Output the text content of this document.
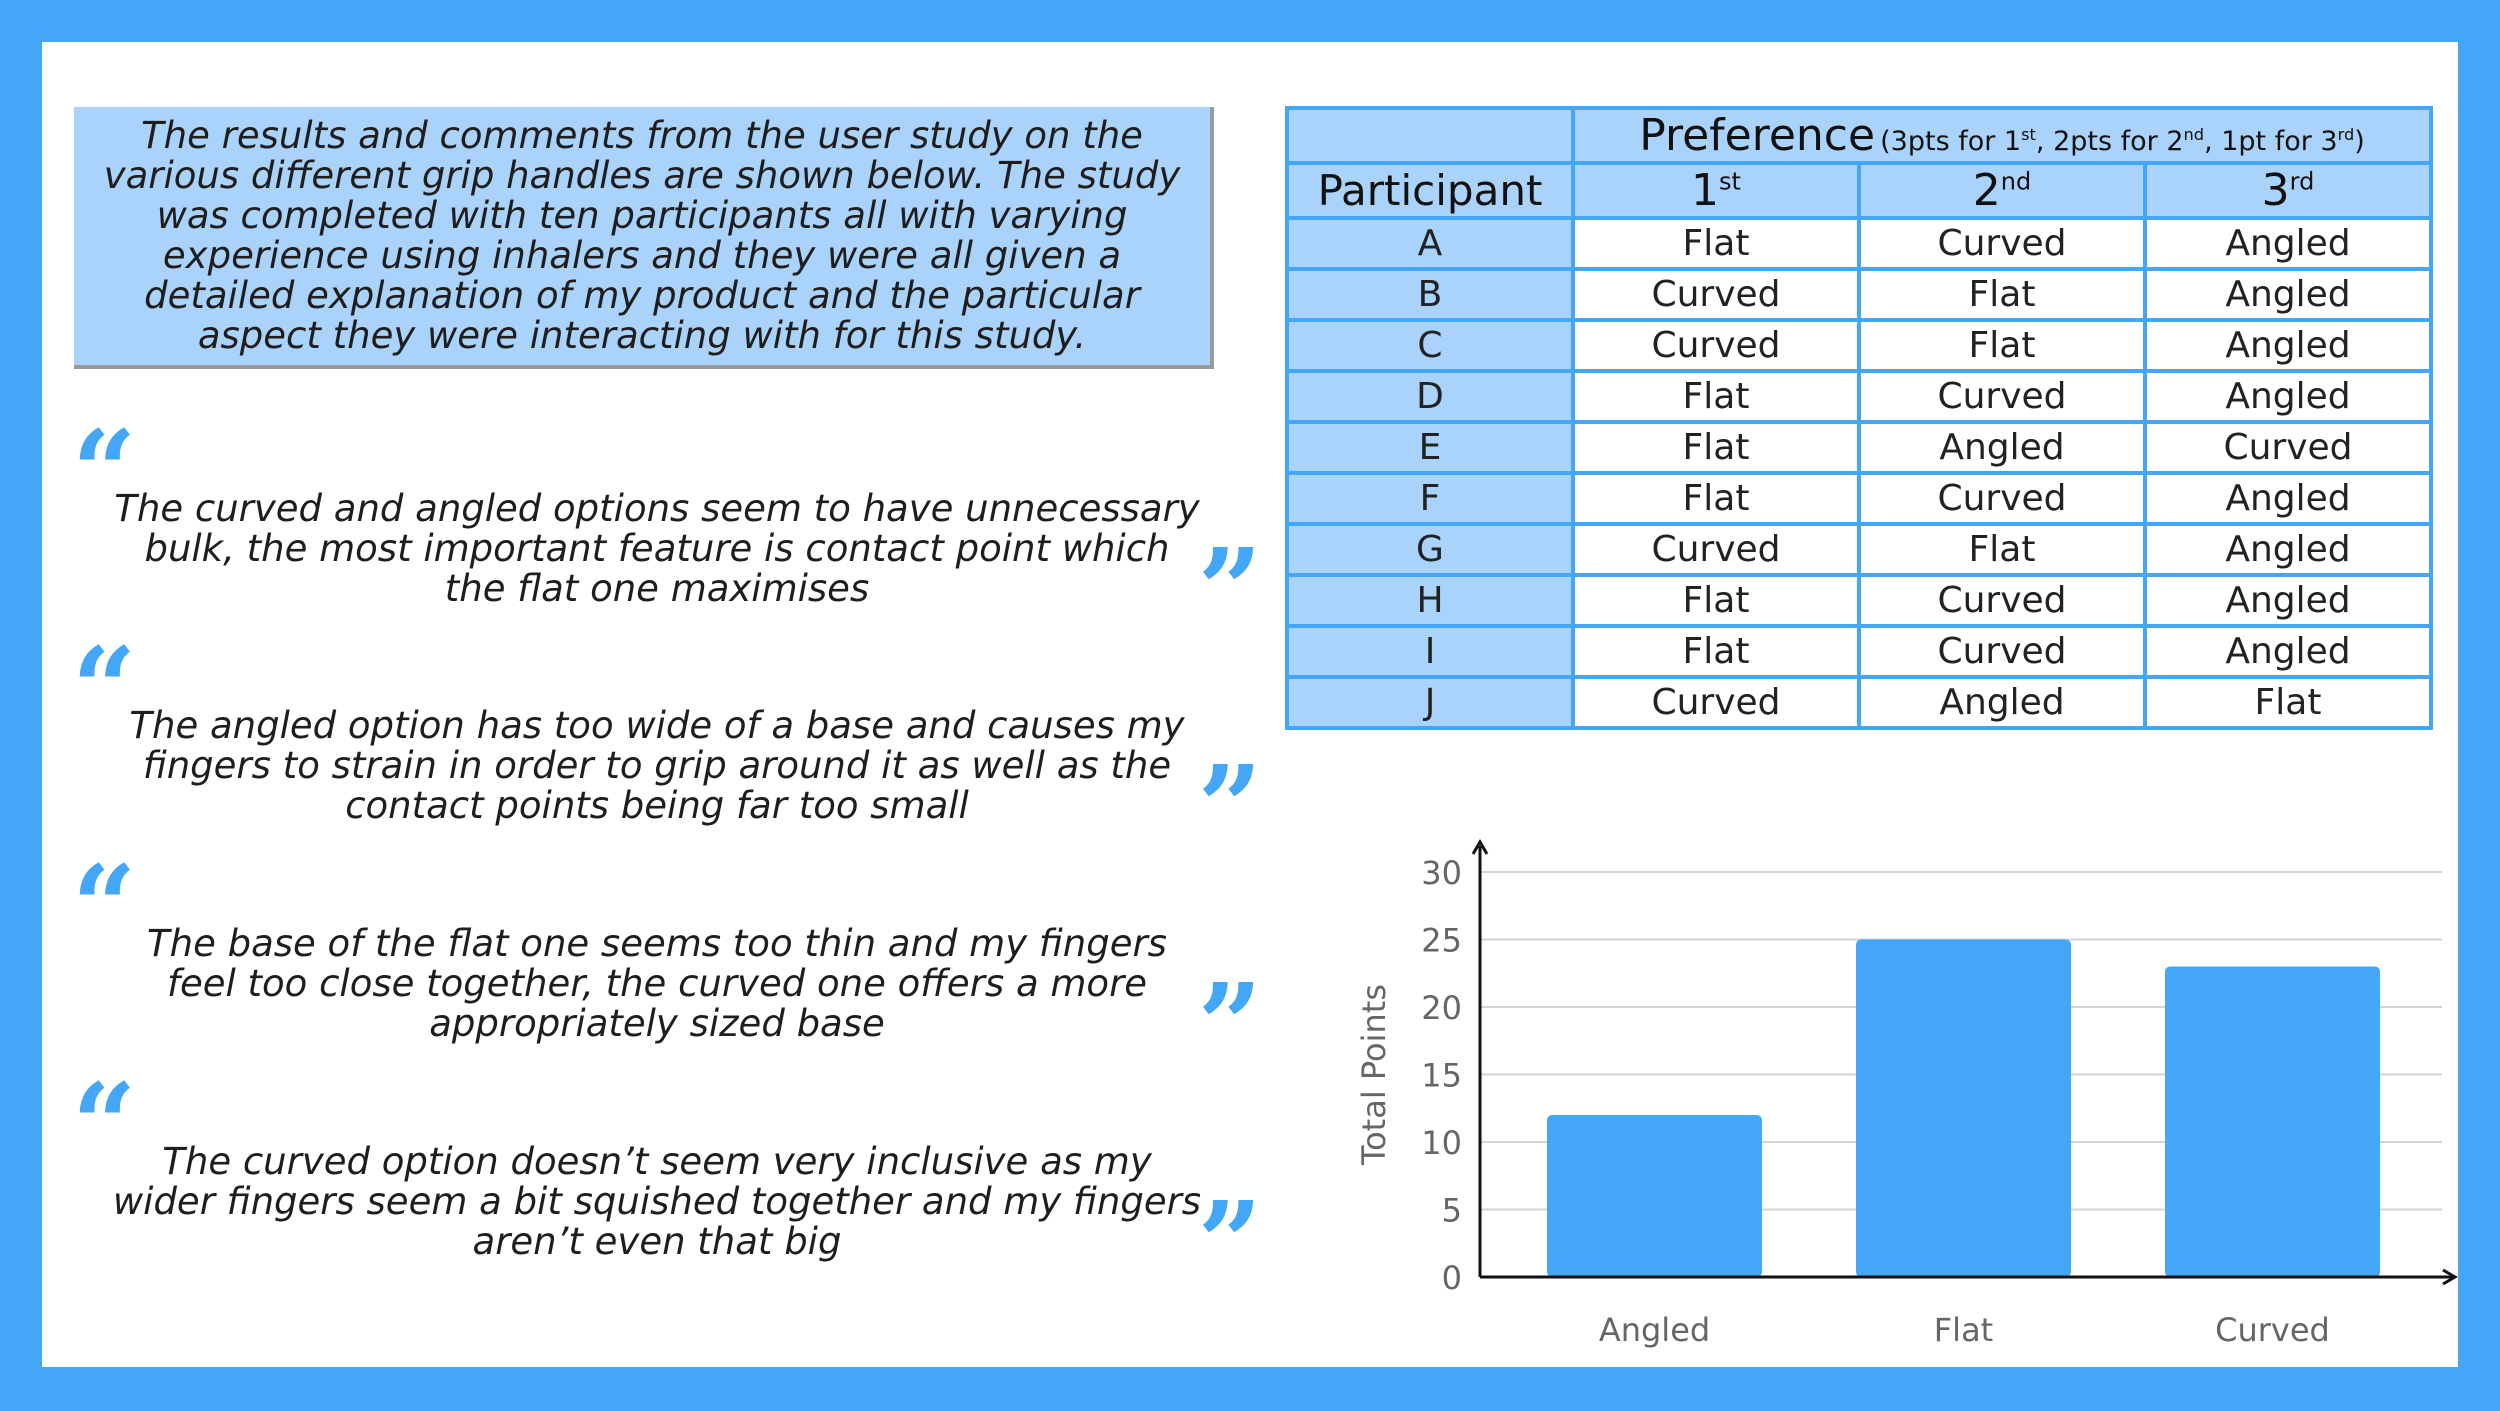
The results and comments from the user study on the various different grip handles are shown below. The study was completed with ten participants all with varying experience using inhalers and they were all given a detailed explanation of my product and the particular aspect they were interacting with for this study.

“

The curved and angled options seem to have unnecessary bulk, the most important feature is contact point which the flat one maximises	”
“

The angled option has too wide of a base and causes my fingers to strain in order to grip around it as well as the contact points being far too small	”
“ The base of the flat one seems too thin and my fingers feel too close together, the curved one offers a more appropriately sized base	”
“ The curved option doesn’t seem very inclusive as my wider fingers seem a bit squished together and my fingers aren’t even that big	”
	Preference (3pts for 1st, 2pts for 2nd, 1pt for 3rd)		
Participant	1st	2nd	3rd
A	Flat	Curved	Angled
B	Curved	Flat	Angled
C	Curved	Flat	Angled
D	Flat	Curved	Angled
E	Flat	Angled	Curved
F	Flat	Curved	Angled
G	Curved	Flat	Angled
H	Flat	Curved	Angled
I	Flat	Curved	Angled
J	Curved	Angled	Flat
0
5
10
15
20
25
30
Angled	Flat	Curved
Total Points
